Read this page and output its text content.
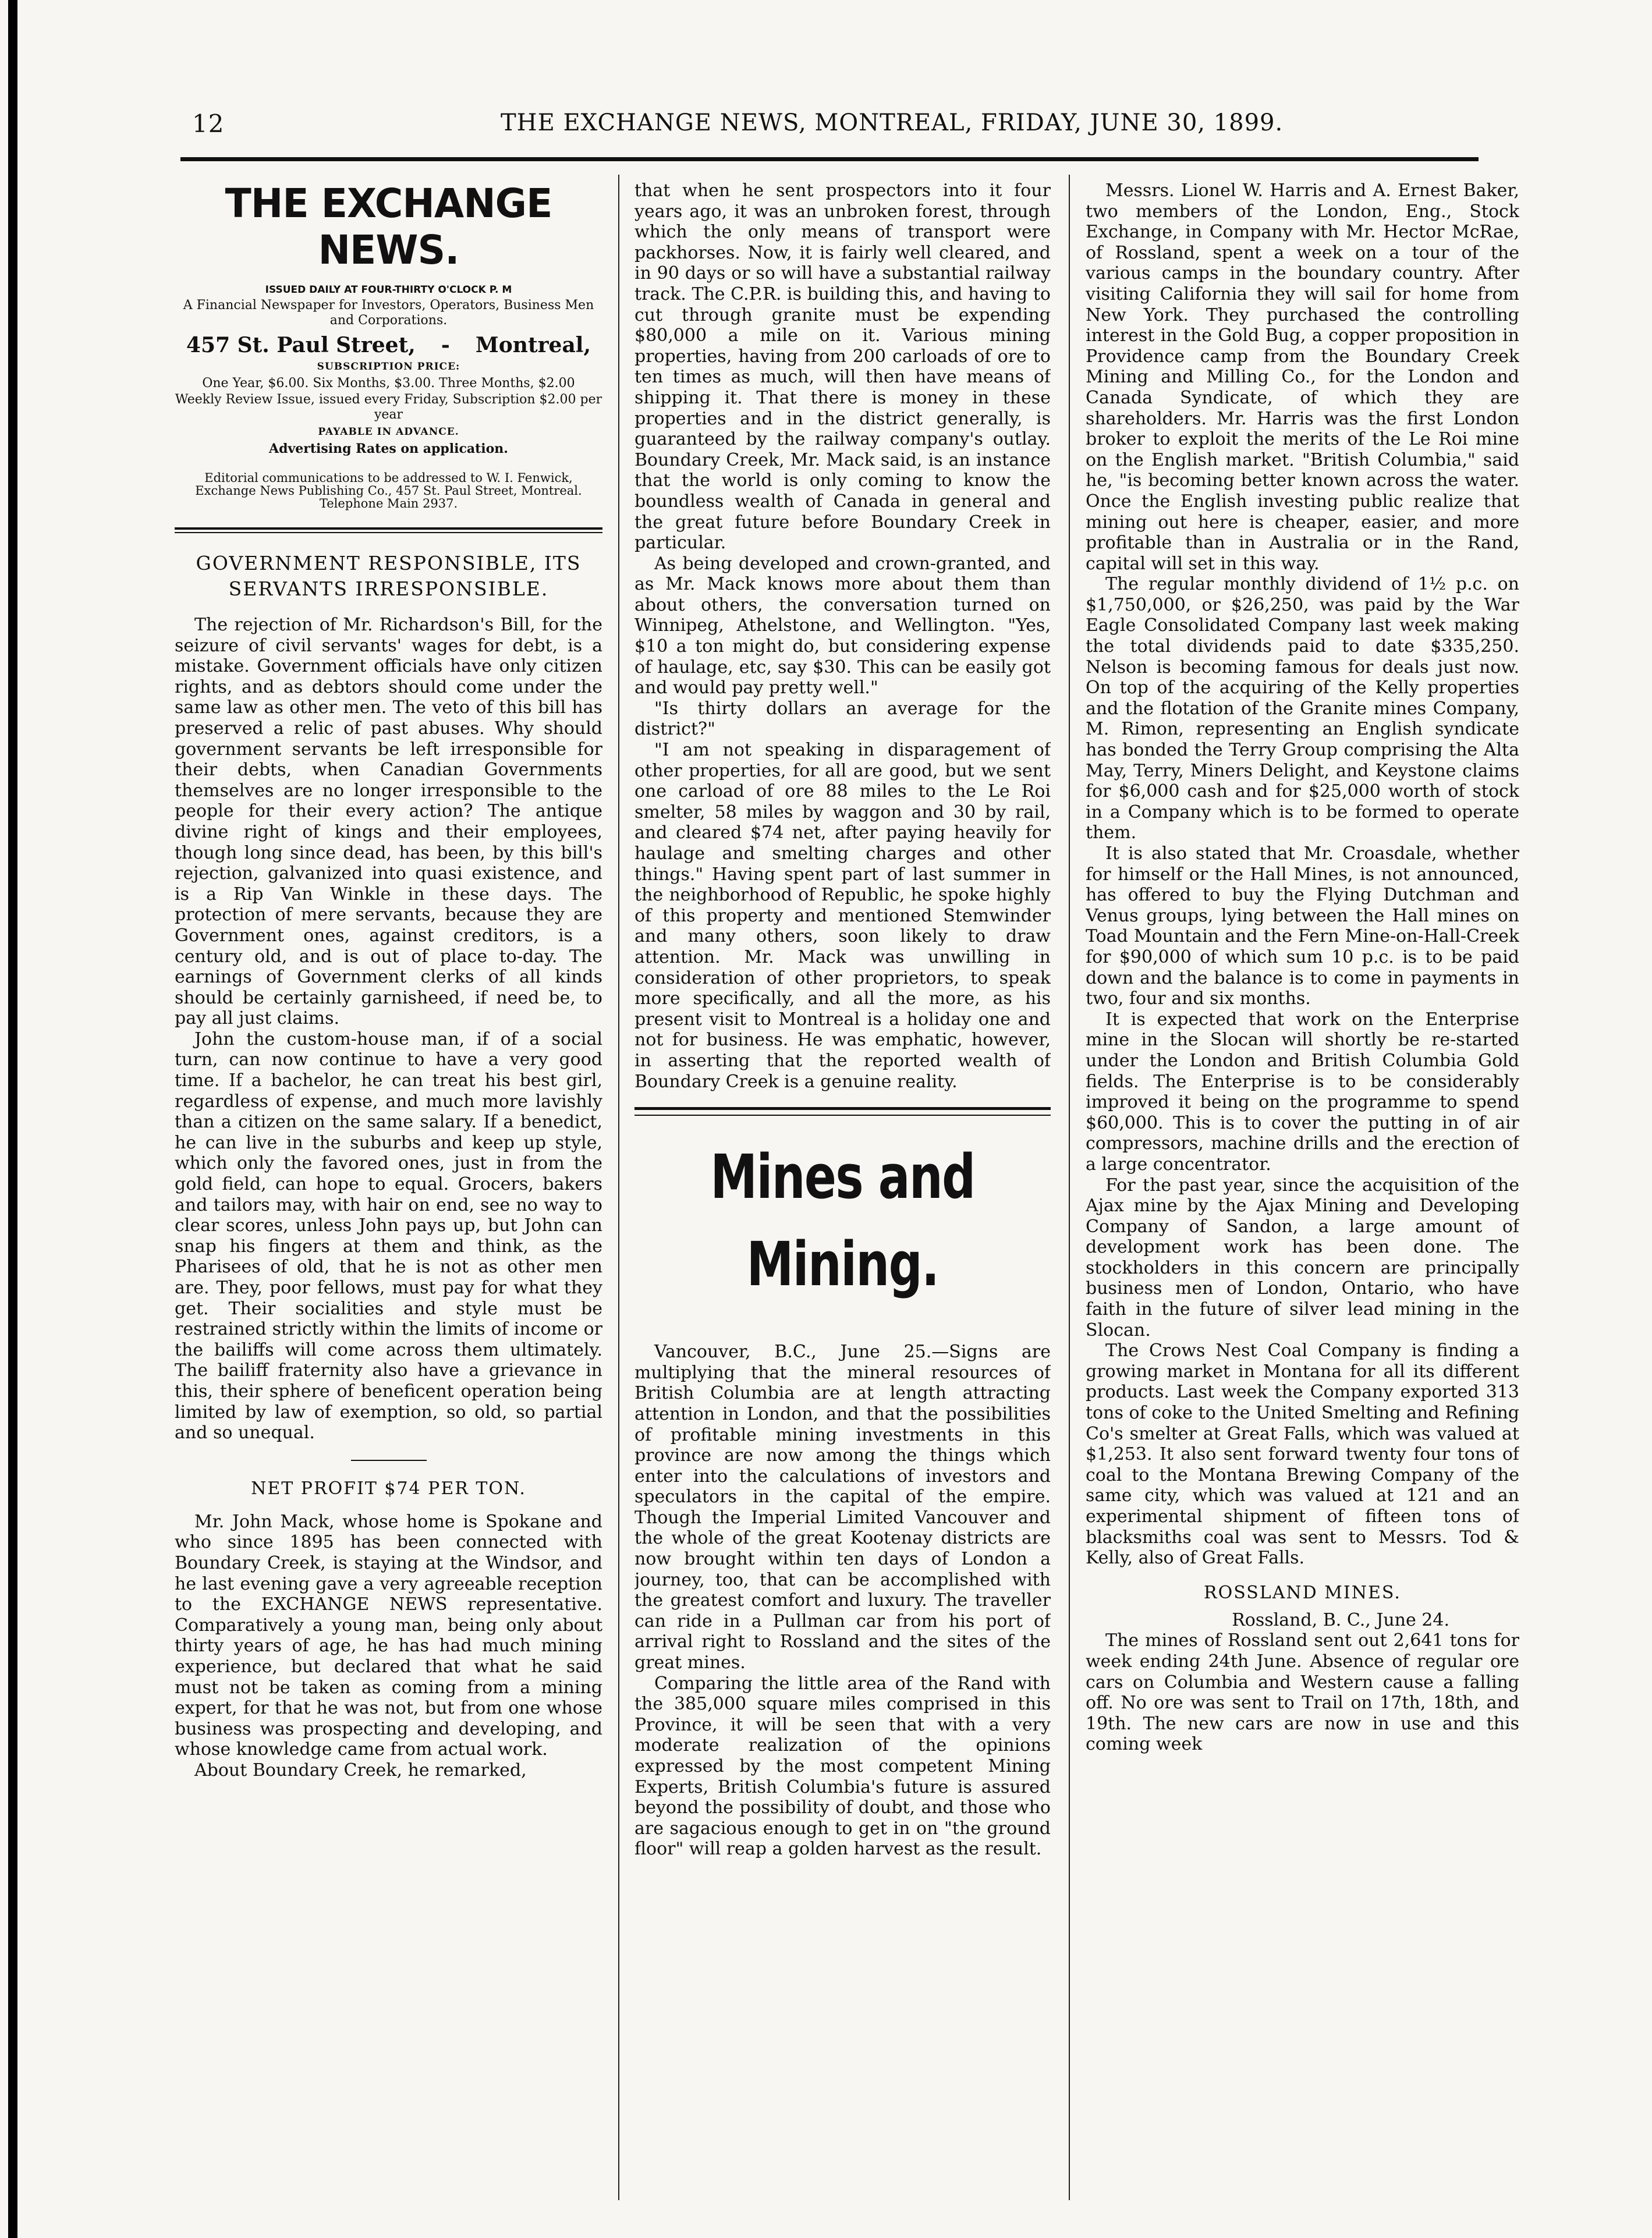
12	THE EXCHANGE NEWS, MONTREAL, FRIDAY, JUNE 30, 1899.
THE EXCHANGE NEWS.
ISSUED DAILY AT FOUR-THIRTY O'CLOCK P. M
A Financial Newspaper for Investors, Operators, Business Men and Corporations.
457 St. Paul Street, - Montreal,
SUBSCRIPTION PRICE:
One Year, $6.00. Six Months, $3.00. Three Months, $2.00
Weekly Review Issue, issued every Friday, Subscription $2.00 per year
PAYABLE IN ADVANCE.
Advertising Rates on application.
Editorial communications to be addressed to W. I. Fenwick, Exchange News Publishing Co., 457 St. Paul Street, Montreal. Telephone Main 2937.
GOVERNMENT RESPONSIBLE, ITS SERVANTS IRRESPONSIBLE.

The rejection of Mr. Richardson's Bill, for the seizure of civil servants' wages for debt, is a mistake. Government officials have only citizen rights, and as debtors should come under the same law as other men. The veto of this bill has preserved a relic of past abuses. Why should government servants be left irresponsible for their debts, when Canadian Governments themselves are no longer irresponsible to the people for their every action? The antique divine right of kings and their employees, though long since dead, has been, by this bill's rejection, galvanized into quasi existence, and is a Rip Van Winkle in these days. The protection of mere servants, because they are Government ones, against creditors, is a century old, and is out of place to-day. The earnings of Government clerks of all kinds should be certainly garnisheed, if need be, to pay all just claims.

John the custom-house man, if of a social turn, can now continue to have a very good time. If a bachelor, he can treat his best girl, regardless of expense, and much more lavishly than a citizen on the same salary. If a benedict, he can live in the suburbs and keep up style, which only the favored ones, just in from the gold field, can hope to equal. Grocers, bakers and tailors may, with hair on end, see no way to clear scores, unless John pays up, but John can snap his fingers at them and think, as the Pharisees of old, that he is not as other men are. They, poor fellows, must pay for what they get. Their socialities and style must be restrained strictly within the limits of income or the bailiffs will come across them ultimately. The bailiff fraternity also have a grievance in this, their sphere of beneficent operation being limited by law of exemption, so old, so partial and so unequal.

NET PROFIT $74 PER TON.

Mr. John Mack, whose home is Spokane and who since 1895 has been connected with Boundary Creek, is staying at the Windsor, and he last evening gave a very agreeable reception to the EXCHANGE NEWS representative. Comparatively a young man, being only about thirty years of age, he has had much mining experience, but declared that what he said must not be taken as coming from a mining expert, for that he was not, but from one whose business was prospecting and developing, and whose knowledge came from actual work.

About Boundary Creek, he remarked,

that when he sent prospectors into it four years ago, it was an unbroken forest, through which the only means of transport were packhorses. Now, it is fairly well cleared, and in 90 days or so will have a substantial railway track. The C.P.R. is building this, and having to cut through granite must be expending $80,000 a mile on it. Various mining properties, having from 200 carloads of ore to ten times as much, will then have means of shipping it. That there is money in these properties and in the district generally, is guaranteed by the railway company's outlay. Boundary Creek, Mr. Mack said, is an instance that the world is only coming to know the boundless wealth of Canada in general and the great future before Boundary Creek in particular.

As being developed and crown-granted, and as Mr. Mack knows more about them than about others, the conversation turned on Winnipeg, Athelstone, and Wellington. "Yes, $10 a ton might do, but considering expense of haulage, etc, say $30. This can be easily got and would pay pretty well."

"Is thirty dollars an average for the district?"

"I am not speaking in disparagement of other properties, for all are good, but we sent one carload of ore 88 miles to the Le Roi smelter, 58 miles by waggon and 30 by rail, and cleared $74 net, after paying heavily for haulage and smelting charges and other things." Having spent part of last summer in the neighborhood of Republic, he spoke highly of this property and mentioned Stemwinder and many others, soon likely to draw attention. Mr. Mack was unwilling in consideration of other proprietors, to speak more specifically, and all the more, as his present visit to Montreal is a holiday one and not for business. He was emphatic, however, in asserting that the reported wealth of Boundary Creek is a genuine reality.

Mines and Mining.

Vancouver, B.C., June 25.—Signs are multiplying that the mineral resources of British Columbia are at length attracting attention in London, and that the possibilities of profitable mining investments in this province are now among the things which enter into the calculations of investors and speculators in the capital of the empire. Though the Imperial Limited Vancouver and the whole of the great Kootenay districts are now brought within ten days of London a journey, too, that can be accomplished with the greatest comfort and luxury. The traveller can ride in a Pullman car from his port of arrival right to Rossland and the sites of the great mines.

Comparing the little area of the Rand with the 385,000 square miles comprised in this Province, it will be seen that with a very moderate realization of the opinions expressed by the most competent Mining Experts, British Columbia's future is assured beyond the possibility of doubt, and those who are sagacious enough to get in on "the ground floor" will reap a golden harvest as the result.

Messrs. Lionel W. Harris and A. Ernest Baker, two members of the London, Eng., Stock Exchange, in Company with Mr. Hector McRae, of Rossland, spent a week on a tour of the various camps in the boundary country. After visiting California they will sail for home from New York. They purchased the controlling interest in the Gold Bug, a copper proposition in Providence camp from the Boundary Creek Mining and Milling Co., for the London and Canada Syndicate, of which they are shareholders. Mr. Harris was the first London broker to exploit the merits of the Le Roi mine on the English market. "British Columbia," said he, "is becoming better known across the water. Once the English investing public realize that mining out here is cheaper, easier, and more profitable than in Australia or in the Rand, capital will set in this way.

The regular monthly dividend of 1½ p.c. on $1,750,000, or $26,250, was paid by the War Eagle Consolidated Company last week making the total dividends paid to date $335,250. Nelson is becoming famous for deals just now. On top of the acquiring of the Kelly properties and the flotation of the Granite mines Company, M. Rimon, representing an English syndicate has bonded the Terry Group comprising the Alta May, Terry, Miners Delight, and Keystone claims for $6,000 cash and for $25,000 worth of stock in a Company which is to be formed to operate them.

It is also stated that Mr. Croasdale, whether for himself or the Hall Mines, is not announced, has offered to buy the Flying Dutchman and Venus groups, lying between the Hall mines on Toad Mountain and the Fern Mine-on-Hall-Creek for $90,000 of which sum 10 p.c. is to be paid down and the balance is to come in payments in two, four and six months.

It is expected that work on the Enterprise mine in the Slocan will shortly be re-started under the London and British Columbia Gold fields. The Enterprise is to be considerably improved it being on the programme to spend $60,000. This is to cover the putting in of air compressors, machine drills and the erection of a large concentrator.

For the past year, since the acquisition of the Ajax mine by the Ajax Mining and Developing Company of Sandon, a large amount of development work has been done. The stockholders in this concern are principally business men of London, Ontario, who have faith in the future of silver lead mining in the Slocan.

The Crows Nest Coal Company is finding a growing market in Montana for all its different products. Last week the Company exported 313 tons of coke to the United Smelting and Refining Co's smelter at Great Falls, which was valued at $1,253. It also sent forward twenty four tons of coal to the Montana Brewing Company of the same city, which was valued at 121 and an experimental shipment of fifteen tons of blacksmiths coal was sent to Messrs. Tod & Kelly, also of Great Falls.

ROSSLAND MINES.

Rossland, B. C., June 24.

The mines of Rossland sent out 2,641 tons for week ending 24th June. Absence of regular ore cars on Columbia and Western cause a falling off. No ore was sent to Trail on 17th, 18th, and 19th. The new cars are now in use and this coming week
